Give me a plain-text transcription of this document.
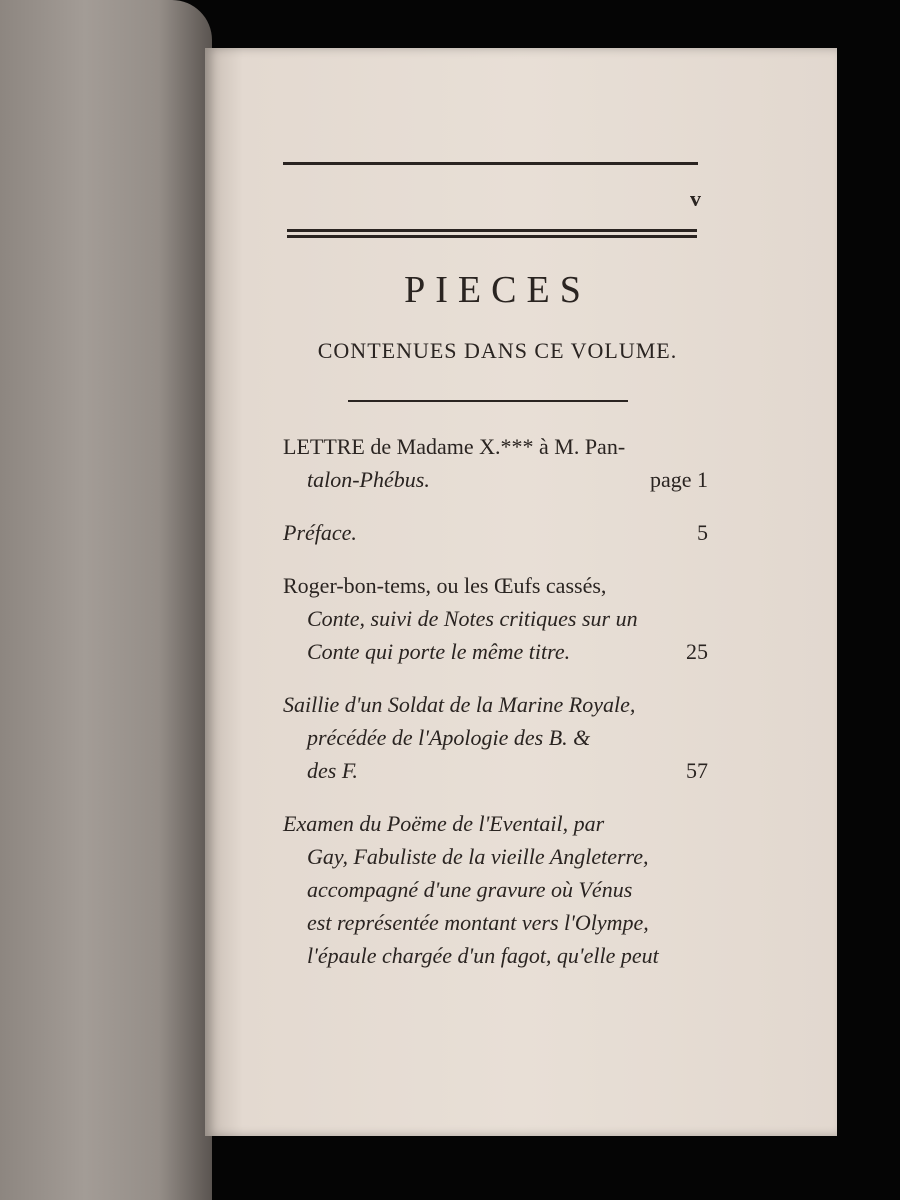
v
PIECES
CONTENUES DANS CE VOLUME.
LETTRE de Madame X.*** à M. Pan-
talon-Phébus.	page 1
Préface.	5
Roger-bon-tems, ou les Œufs cassés,
Conte, suivi de Notes critiques sur un
Conte qui porte le même titre.	25
Saillie d'un Soldat de la Marine Royale,
précédée de l'Apologie des B. &
des F.	57
Examen du Poëme de l'Eventail, par
Gay, Fabuliste de la vieille Angleterre,
accompagné d'une gravure où Vénus
est représentée montant vers l'Olympe,
l'épaule chargée d'un fagot, qu'elle peut
